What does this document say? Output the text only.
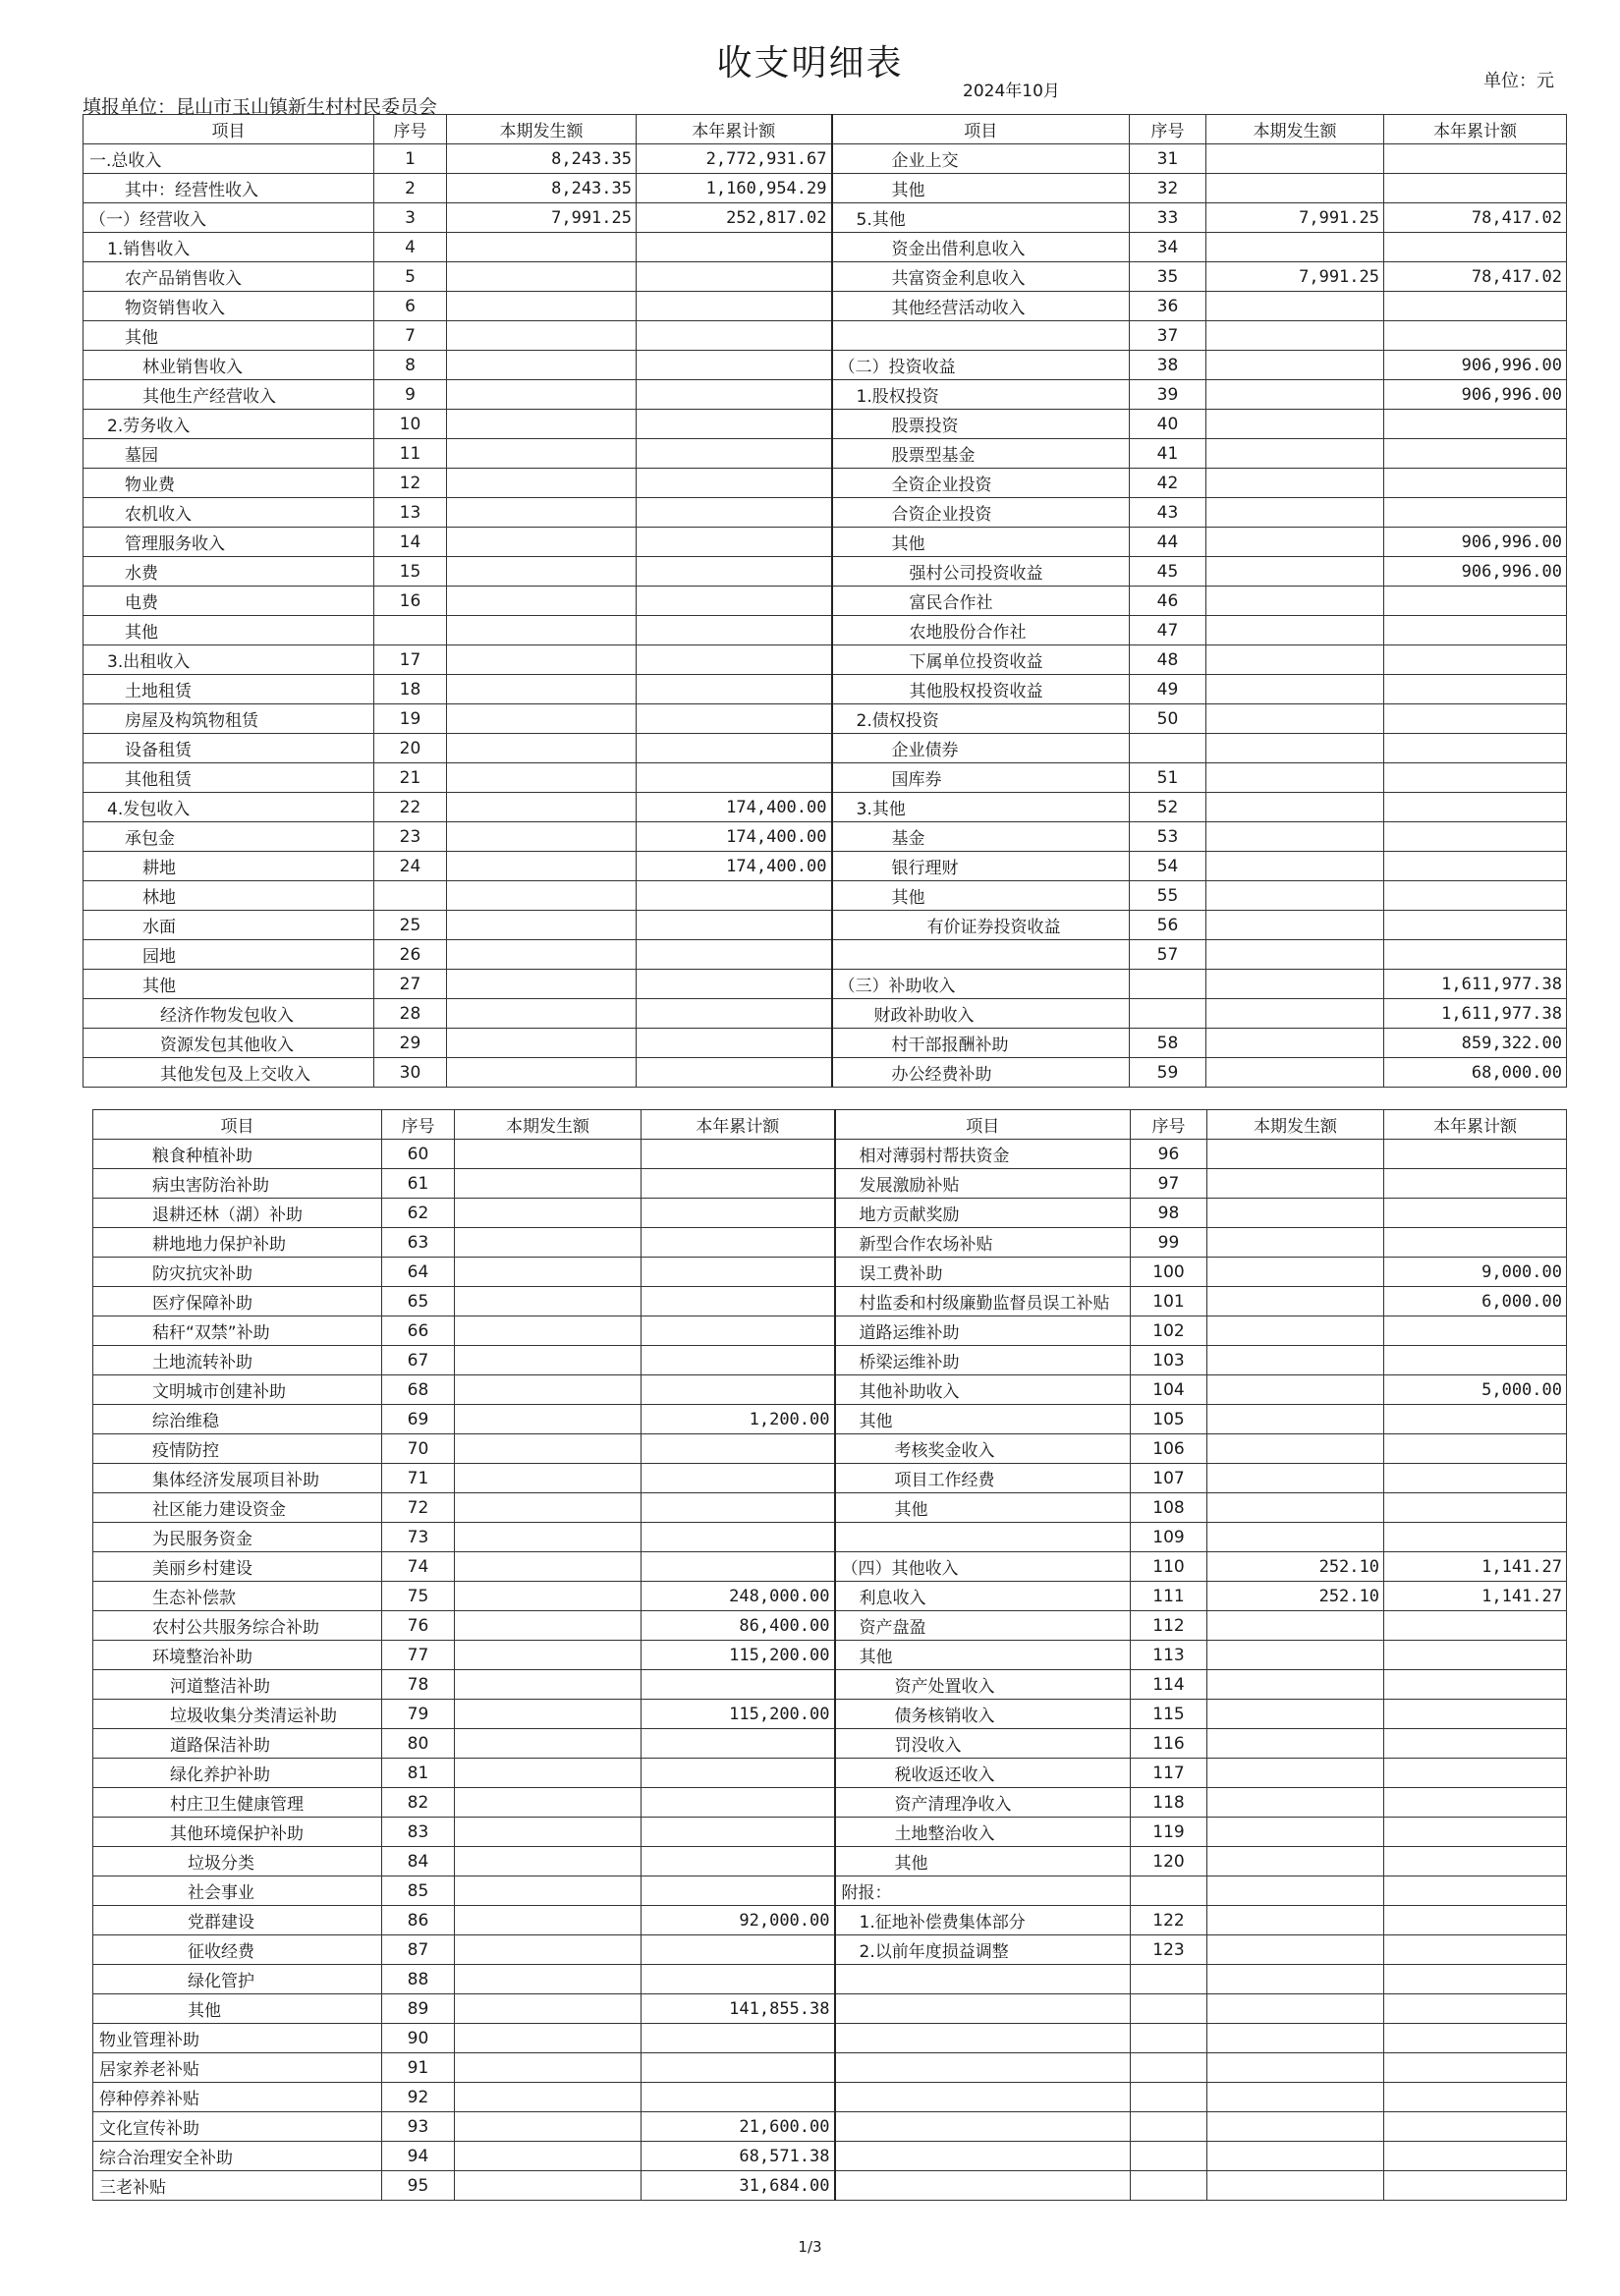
收支明细表
2024年10月	单位：元
填报单位：昆山市玉山镇新生村村民委员会
项目	序号	本期发生额	本年累计额	项目	序号	本期发生额	本年累计额
一.总收入	1	8,243.35	2,772,931.67	企业上交	31		
其中：经营性收入	2	8,243.35	1,160,954.29	其他	32		
（一）经营收入	3	7,991.25	252,817.02	5.其他	33	7,991.25	78,417.02
1.销售收入	4			资金出借利息收入	34		
农产品销售收入	5			共富资金利息收入	35	7,991.25	78,417.02
物资销售收入	6			其他经营活动收入	36		
其他	7				37		
林业销售收入	8			（二）投资收益	38		906,996.00
其他生产经营收入	9			1.股权投资	39		906,996.00
2.劳务收入	10			股票投资	40		
墓园	11			股票型基金	41		
物业费	12			全资企业投资	42		
农机收入	13			合资企业投资	43		
管理服务收入	14			其他	44		906,996.00
水费	15			强村公司投资收益	45		906,996.00
电费	16			富民合作社	46		
其他				农地股份合作社	47		
3.出租收入	17			下属单位投资收益	48		
土地租赁	18			其他股权投资收益	49		
房屋及构筑物租赁	19			2.债权投资	50		
设备租赁	20			企业债券			
其他租赁	21			国库券	51		
4.发包收入	22		174,400.00	3.其他	52		
承包金	23		174,400.00	基金	53		
耕地	24		174,400.00	银行理财	54		
林地				其他	55		
水面	25			有价证券投资收益	56		
园地	26				57		
其他	27			（三）补助收入			1,611,977.38
经济作物发包收入	28			财政补助收入			1,611,977.38
资源发包其他收入	29			村干部报酬补助	58		859,322.00
其他发包及上交收入	30			办公经费补助	59		68,000.00
项目	序号	本期发生额	本年累计额	项目	序号	本期发生额	本年累计额
粮食种植补助	60			相对薄弱村帮扶资金	96		
病虫害防治补助	61			发展激励补贴	97		
退耕还林（湖）补助	62			地方贡献奖励	98		
耕地地力保护补助	63			新型合作农场补贴	99		
防灾抗灾补助	64			误工费补助	100		9,000.00
医疗保障补助	65			村监委和村级廉勤监督员误工补贴	101		6,000.00
秸秆“双禁”补助	66			道路运维补助	102		
土地流转补助	67			桥梁运维补助	103		
文明城市创建补助	68			其他补助收入	104		5,000.00
综治维稳	69		1,200.00	其他	105		
疫情防控	70			考核奖金收入	106		
集体经济发展项目补助	71			项目工作经费	107		
社区能力建设资金	72			其他	108		
为民服务资金	73				109		
美丽乡村建设	74			（四）其他收入	110	252.10	1,141.27
生态补偿款	75		248,000.00	利息收入	111	252.10	1,141.27
农村公共服务综合补助	76		86,400.00	资产盘盈	112		
环境整治补助	77		115,200.00	其他	113		
河道整洁补助	78			资产处置收入	114		
垃圾收集分类清运补助	79		115,200.00	债务核销收入	115		
道路保洁补助	80			罚没收入	116		
绿化养护补助	81			税收返还收入	117		
村庄卫生健康管理	82			资产清理净收入	118		
其他环境保护补助	83			土地整治收入	119		
垃圾分类	84			其他	120		
社会事业	85			附报：			
党群建设	86		92,000.00	1.征地补偿费集体部分	122		
征收经费	87			2.以前年度损益调整	123		
绿化管护	88						
其他	89		141,855.38				
物业管理补助	90						
居家养老补贴	91						
停种停养补贴	92						
文化宣传补助	93		21,600.00				
综合治理安全补助	94		68,571.38				
三老补贴	95		31,684.00				
1/3
